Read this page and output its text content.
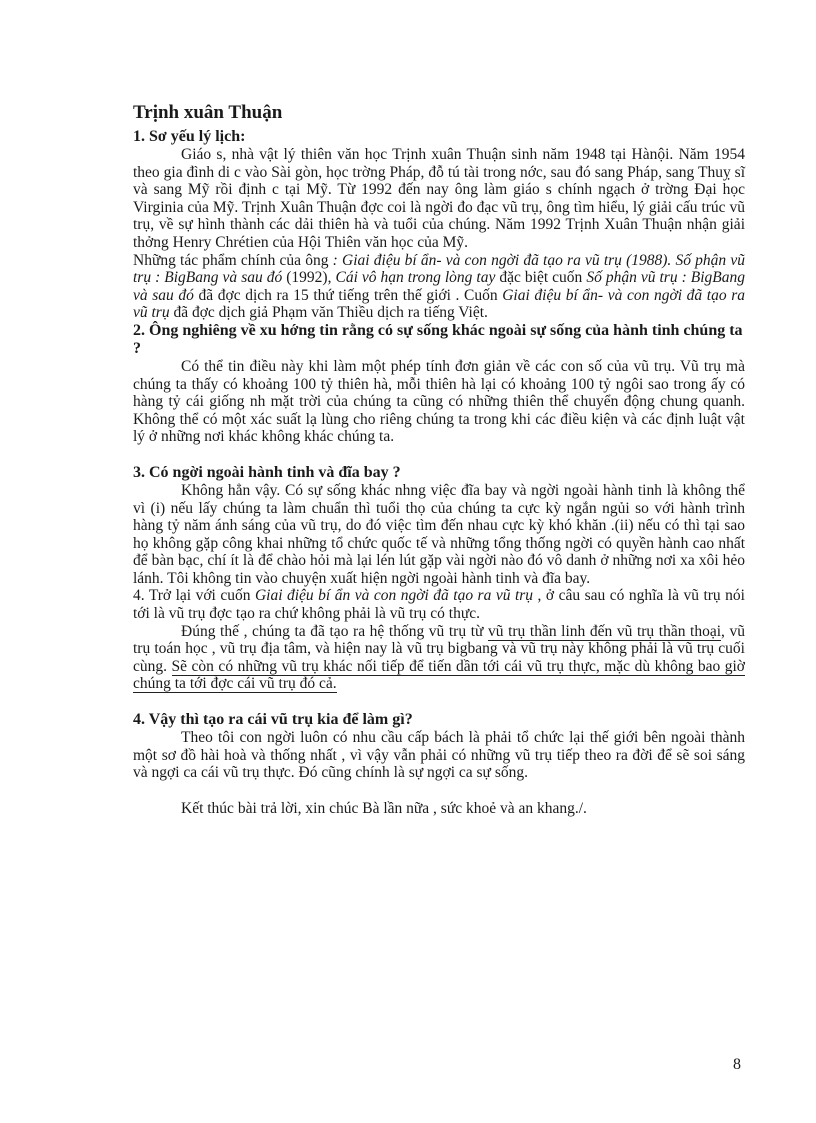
Trịnh xuân Thuận
1. Sơ yếu lý lịch:

Giáo s, nhà vật lý thiên văn học Trịnh xuân Thuận sinh năm 1948 tại Hànội. Năm 1954 theo gia đình di c vào Sài gòn, học trờng Pháp, đỗ tú tài trong nớc, sau đó sang Pháp, sang Thuỵ sĩ và sang Mỹ rồi định c tại Mỹ. Từ 1992 đến nay ông làm giáo s chính ngạch ở trờng Đại học Virginia của Mỹ. Trịnh Xuân Thuận đợc coi là ngời đo đạc vũ trụ, ông tìm hiểu, lý giải cấu trúc vũ trụ, về sự hình thành các dải thiên hà và tuổi của chúng. Năm 1992 Trịnh Xuân Thuận nhận giải thởng Henry Chrétien của Hội Thiên văn học của Mỹ.

Những tác phẩm chính của ông : Giai điệu bí ẩn- và con ngời đã tạo ra vũ trụ (1988). Số phận vũ trụ : BigBang và sau đó (1992), Cái vô hạn trong lòng tay đặc biệt cuốn Số phận vũ trụ : BigBang và sau đó đã đợc dịch ra 15 thứ tiếng trên thế giới . Cuốn Giai điệu bí ẩn- và con ngời đã tạo ra vũ trụ đã đợc dịch giả Phạm văn Thiều dịch ra tiếng Việt.

2. Ông nghiêng về xu hớng tin rằng có sự sống khác ngoài sự sống của hành tinh chúng ta ?

Có thể tin điều này khi làm một phép tính đơn giản về các con số của vũ trụ. Vũ trụ mà chúng ta thấy có khoảng 100 tỷ thiên hà, mỗi thiên hà lại có khoảng 100 tỷ ngôi sao trong ấy có hàng tỷ cái giống nh mặt trời của chúng ta cũng có những thiên thể chuyển động chung quanh. Không thể có một xác suất lạ lùng cho riêng chúng ta trong khi các điều kiện và các định luật vật lý ở những nơi khác không khác chúng ta.

3. Có ngời ngoài hành tinh và đĩa bay ?

Không hẳn vậy. Có sự sống khác nhng việc đĩa bay và ngời ngoài hành tinh là không thể vì (i) nếu lấy chúng ta làm chuẩn thì tuổi thọ của chúng ta cực kỳ ngắn ngủi so với hành trình hàng tỷ năm ánh sáng của vũ trụ, do đó việc tìm đến nhau cực kỳ khó khăn .(ii) nếu có thì tại sao họ không gặp công khai những tổ chức quốc tế và những tổng thống ngời có quyền hành cao nhất để bàn bạc, chí ít là để chào hỏi mà lại lén lút gặp vài ngời nào đó vô danh ở những nơi xa xôi hẻo lánh. Tôi không tin vào chuyện xuất hiện ngời ngoài hành tinh và đĩa bay.

4. Trở lại với cuốn Giai điệu bí ẩn và con ngời đã tạo ra vũ trụ , ở câu sau có nghĩa là vũ trụ nói tới là vũ trụ đợc tạo ra chứ không phải là vũ trụ có thực.

Đúng thế , chúng ta đã tạo ra hệ thống vũ trụ từ vũ trụ thần linh đến vũ trụ thần thoại, vũ trụ toán học , vũ trụ địa tâm, và hiện nay là vũ trụ bigbang và vũ trụ này không phải là vũ trụ cuối cùng. Sẽ còn có những vũ trụ khác nối tiếp để tiến dần tới cái vũ trụ thực, mặc dù không bao giờ chúng ta tới đợc cái vũ trụ đó cả.

4. Vậy thì tạo ra cái vũ trụ kia để làm gì?

Theo tôi con ngời luôn có nhu cầu cấp bách là phải tổ chức lại thế giới bên ngoài thành một sơ đồ hài hoà và thống nhất , vì vậy vẫn phải có những vũ trụ tiếp theo ra đời để sẽ soi sáng và ngợi ca cái vũ trụ thực. Đó cũng chính là sự ngợi ca sự sống.

Kết thúc bài trả lời, xin chúc Bà lần nữa , sức khoẻ và an khang./.

8
